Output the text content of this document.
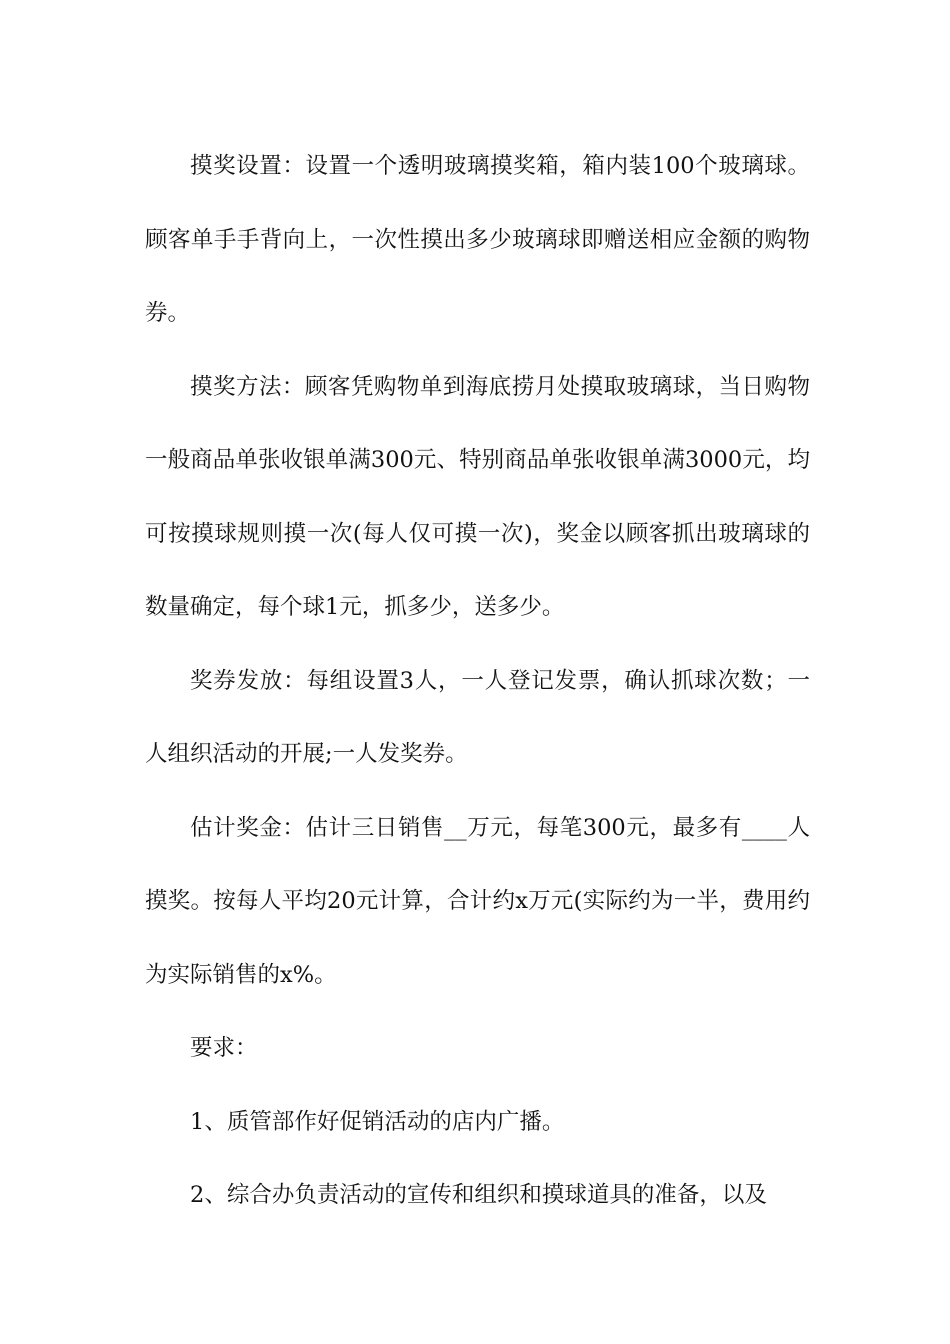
摸奖设置：设置一个透明玻璃摸奖箱，箱内装100个玻璃球。顾客单手手背向上，一次性摸出多少玻璃球即赠送相应金额的购物券。

摸奖方法：顾客凭购物单到海底捞月处摸取玻璃球，当日购物一般商品单张收银单满300元、特别商品单张收银单满3000元，均可按摸球规则摸一次(每人仅可摸一次)，奖金以顾客抓出玻璃球的数量确定，每个球1元，抓多少，送多少。

奖券发放：每组设置3人，一人登记发票，确认抓球次数；一人组织活动的开展;一人发奖券。

估计奖金：估计三日销售__万元，每笔300元，最多有____人摸奖。按每人平均20元计算，合计约x万元(实际约为一半，费用约为实际销售的x%。

要求：

1、质管部作好促销活动的店内广播。

2、综合办负责活动的宣传和组织和摸球道具的准备，以及
